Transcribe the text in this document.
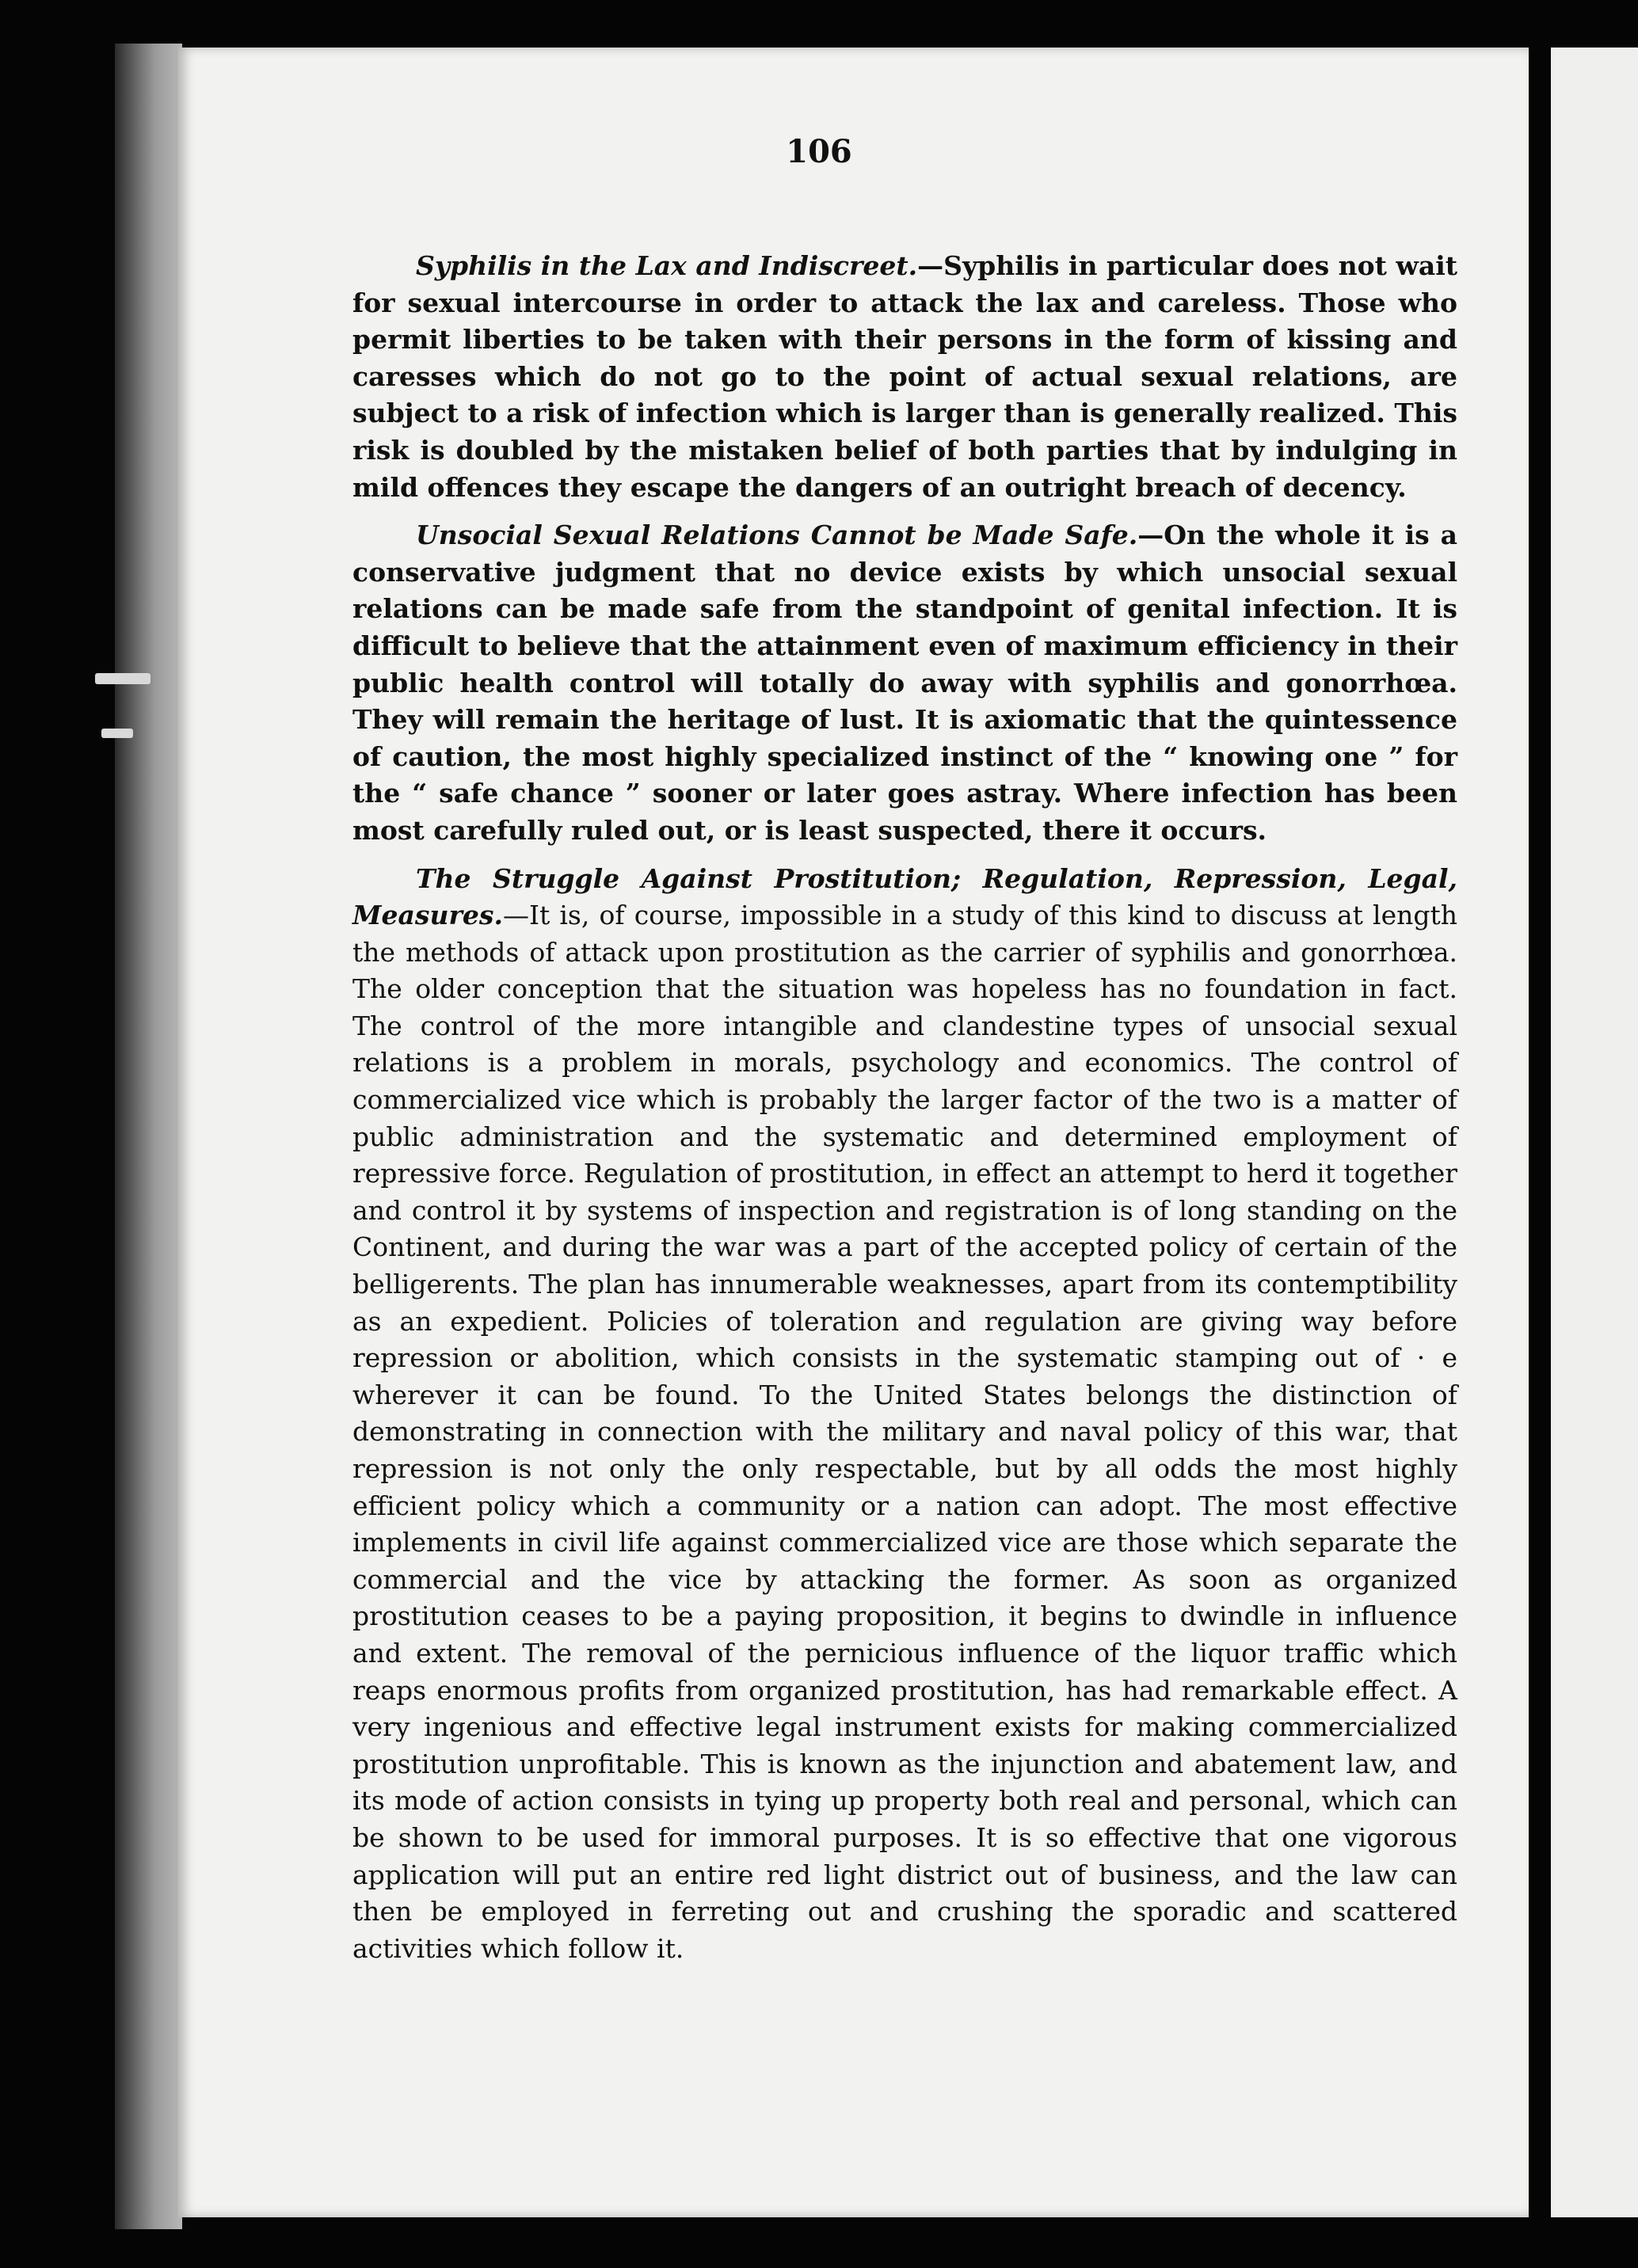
106

Syphilis in the Lax and Indiscreet.—Syphilis in particular does not wait for sexual intercourse in order to attack the lax and careless. Those who permit liberties to be taken with their persons in the form of kissing and caresses which do not go to the point of actual sexual relations, are subject to a risk of infection which is larger than is generally realized. This risk is doubled by the mistaken belief of both parties that by indulging in mild offences they escape the dangers of an outright breach of decency.

Unsocial Sexual Relations Cannot be Made Safe.—On the whole it is a conservative judgment that no device exists by which unsocial sexual relations can be made safe from the standpoint of genital infection. It is difficult to believe that the attainment even of maximum efficiency in their public health control will totally do away with syphilis and gonorrhœa. They will remain the heritage of lust. It is axiomatic that the quintessence of caution, the most highly specialized instinct of the “ knowing one ” for the “ safe chance ” sooner or later goes astray. Where infection has been most carefully ruled out, or is least suspected, there it occurs.

The Struggle Against Prostitution; Regulation, Repression, Legal, Measures.—It is, of course, impossible in a study of this kind to discuss at length the methods of attack upon prostitution as the carrier of syphilis and gonorrhœa. The older conception that the situation was hopeless has no foundation in fact. The control of the more intangible and clandestine types of unsocial sexual relations is a problem in morals, psychology and economics. The control of commercialized vice which is probably the larger factor of the two is a matter of public administration and the systematic and determined employment of repressive force. Regulation of prostitution, in effect an attempt to herd it together and control it by systems of inspection and registration is of long standing on the Continent, and during the war was a part of the accepted policy of certain of the belligerents. The plan has innumerable weaknesses, apart from its contemptibility as an expedient. Policies of toleration and regulation are giving way before repression or abolition, which consists in the systematic stamping out of · e wherever it can be found. To the United States belongs the distinction of demonstrating in connection with the military and naval policy of this war, that repression is not only the only respectable, but by all odds the most highly efficient policy which a community or a nation can adopt. The most effective implements in civil life against commercialized vice are those which separate the commercial and the vice by attacking the former. As soon as organized prostitution ceases to be a paying proposition, it begins to dwindle in influence and extent. The removal of the pernicious influence of the liquor traffic which reaps enormous profits from organized prostitution, has had remarkable effect. A very ingenious and effective legal instrument exists for making commercialized prostitution unprofitable. This is known as the injunction and abatement law, and its mode of action consists in tying up property both real and personal, which can be shown to be used for immoral purposes. It is so effective that one vigorous application will put an entire red light district out of business, and the law can then be employed in ferreting out and crushing the sporadic and scattered activities which follow it.
